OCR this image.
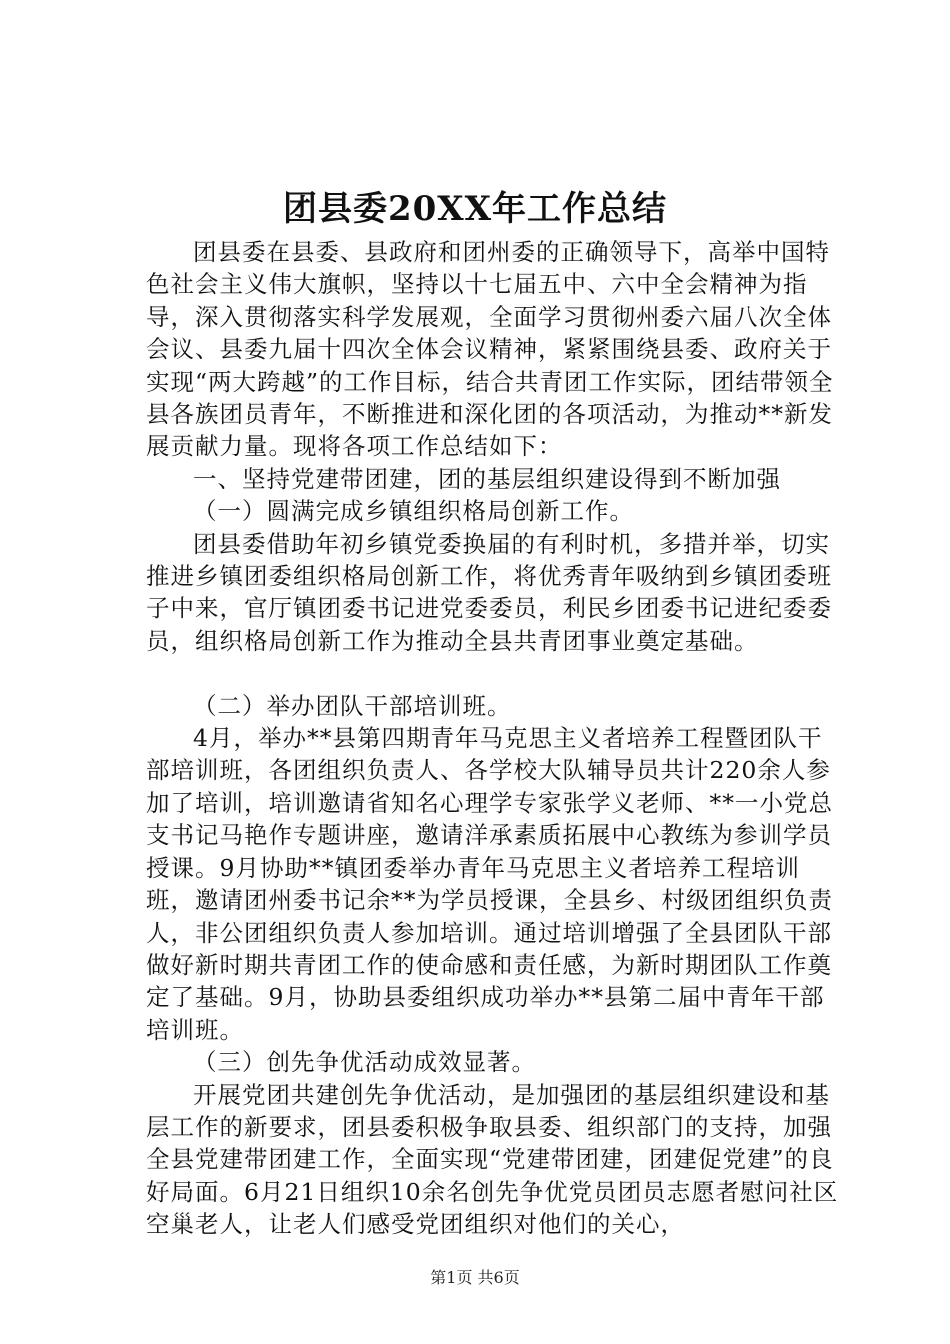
团县委20XX年工作总结

团县委在县委、县政府和团州委的正确领导下，高举中国特色社会主义伟大旗帜，坚持以十七届五中、六中全会精神为指导，深入贯彻落实科学发展观，全面学习贯彻州委六届八次全体会议、县委九届十四次全体会议精神，紧紧围绕县委、政府关于实现“两大跨越”的工作目标，结合共青团工作实际，团结带领全县各族团员青年，不断推进和深化团的各项活动，为推动**新发展贡献力量。现将各项工作总结如下：

一、坚持党建带团建，团的基层组织建设得到不断加强

（一）圆满完成乡镇组织格局创新工作。

团县委借助年初乡镇党委换届的有利时机，多措并举，切实推进乡镇团委组织格局创新工作，将优秀青年吸纳到乡镇团委班子中来，官厅镇团委书记进党委委员，利民乡团委书记进纪委委员，组织格局创新工作为推动全县共青团事业奠定基础。

（二）举办团队干部培训班。

4月，举办**县第四期青年马克思主义者培养工程暨团队干部培训班，各团组织负责人、各学校大队辅导员共计220余人参加了培训，培训邀请省知名心理学专家张学义老师、**一小党总支书记马艳作专题讲座，邀请洋承素质拓展中心教练为参训学员授课。9月协助**镇团委举办青年马克思主义者培养工程培训班，邀请团州委书记余**为学员授课，全县乡、村级团组织负责人，非公团组织负责人参加培训。通过培训增强了全县团队干部做好新时期共青团工作的使命感和责任感，为新时期团队工作奠定了基础。9月，协助县委组织成功举办**县第二届中青年干部培训班。

（三）创先争优活动成效显著。

开展党团共建创先争优活动，是加强团的基层组织建设和基层工作的新要求，团县委积极争取县委、组织部门的支持，加强全县党建带团建工作，全面实现“党建带团建，团建促党建”的良好局面。6月21日组织10余名创先争优党员团员志愿者慰问社区空巢老人，让老人们感受党团组织对他们的关心，

第1页 共6页
